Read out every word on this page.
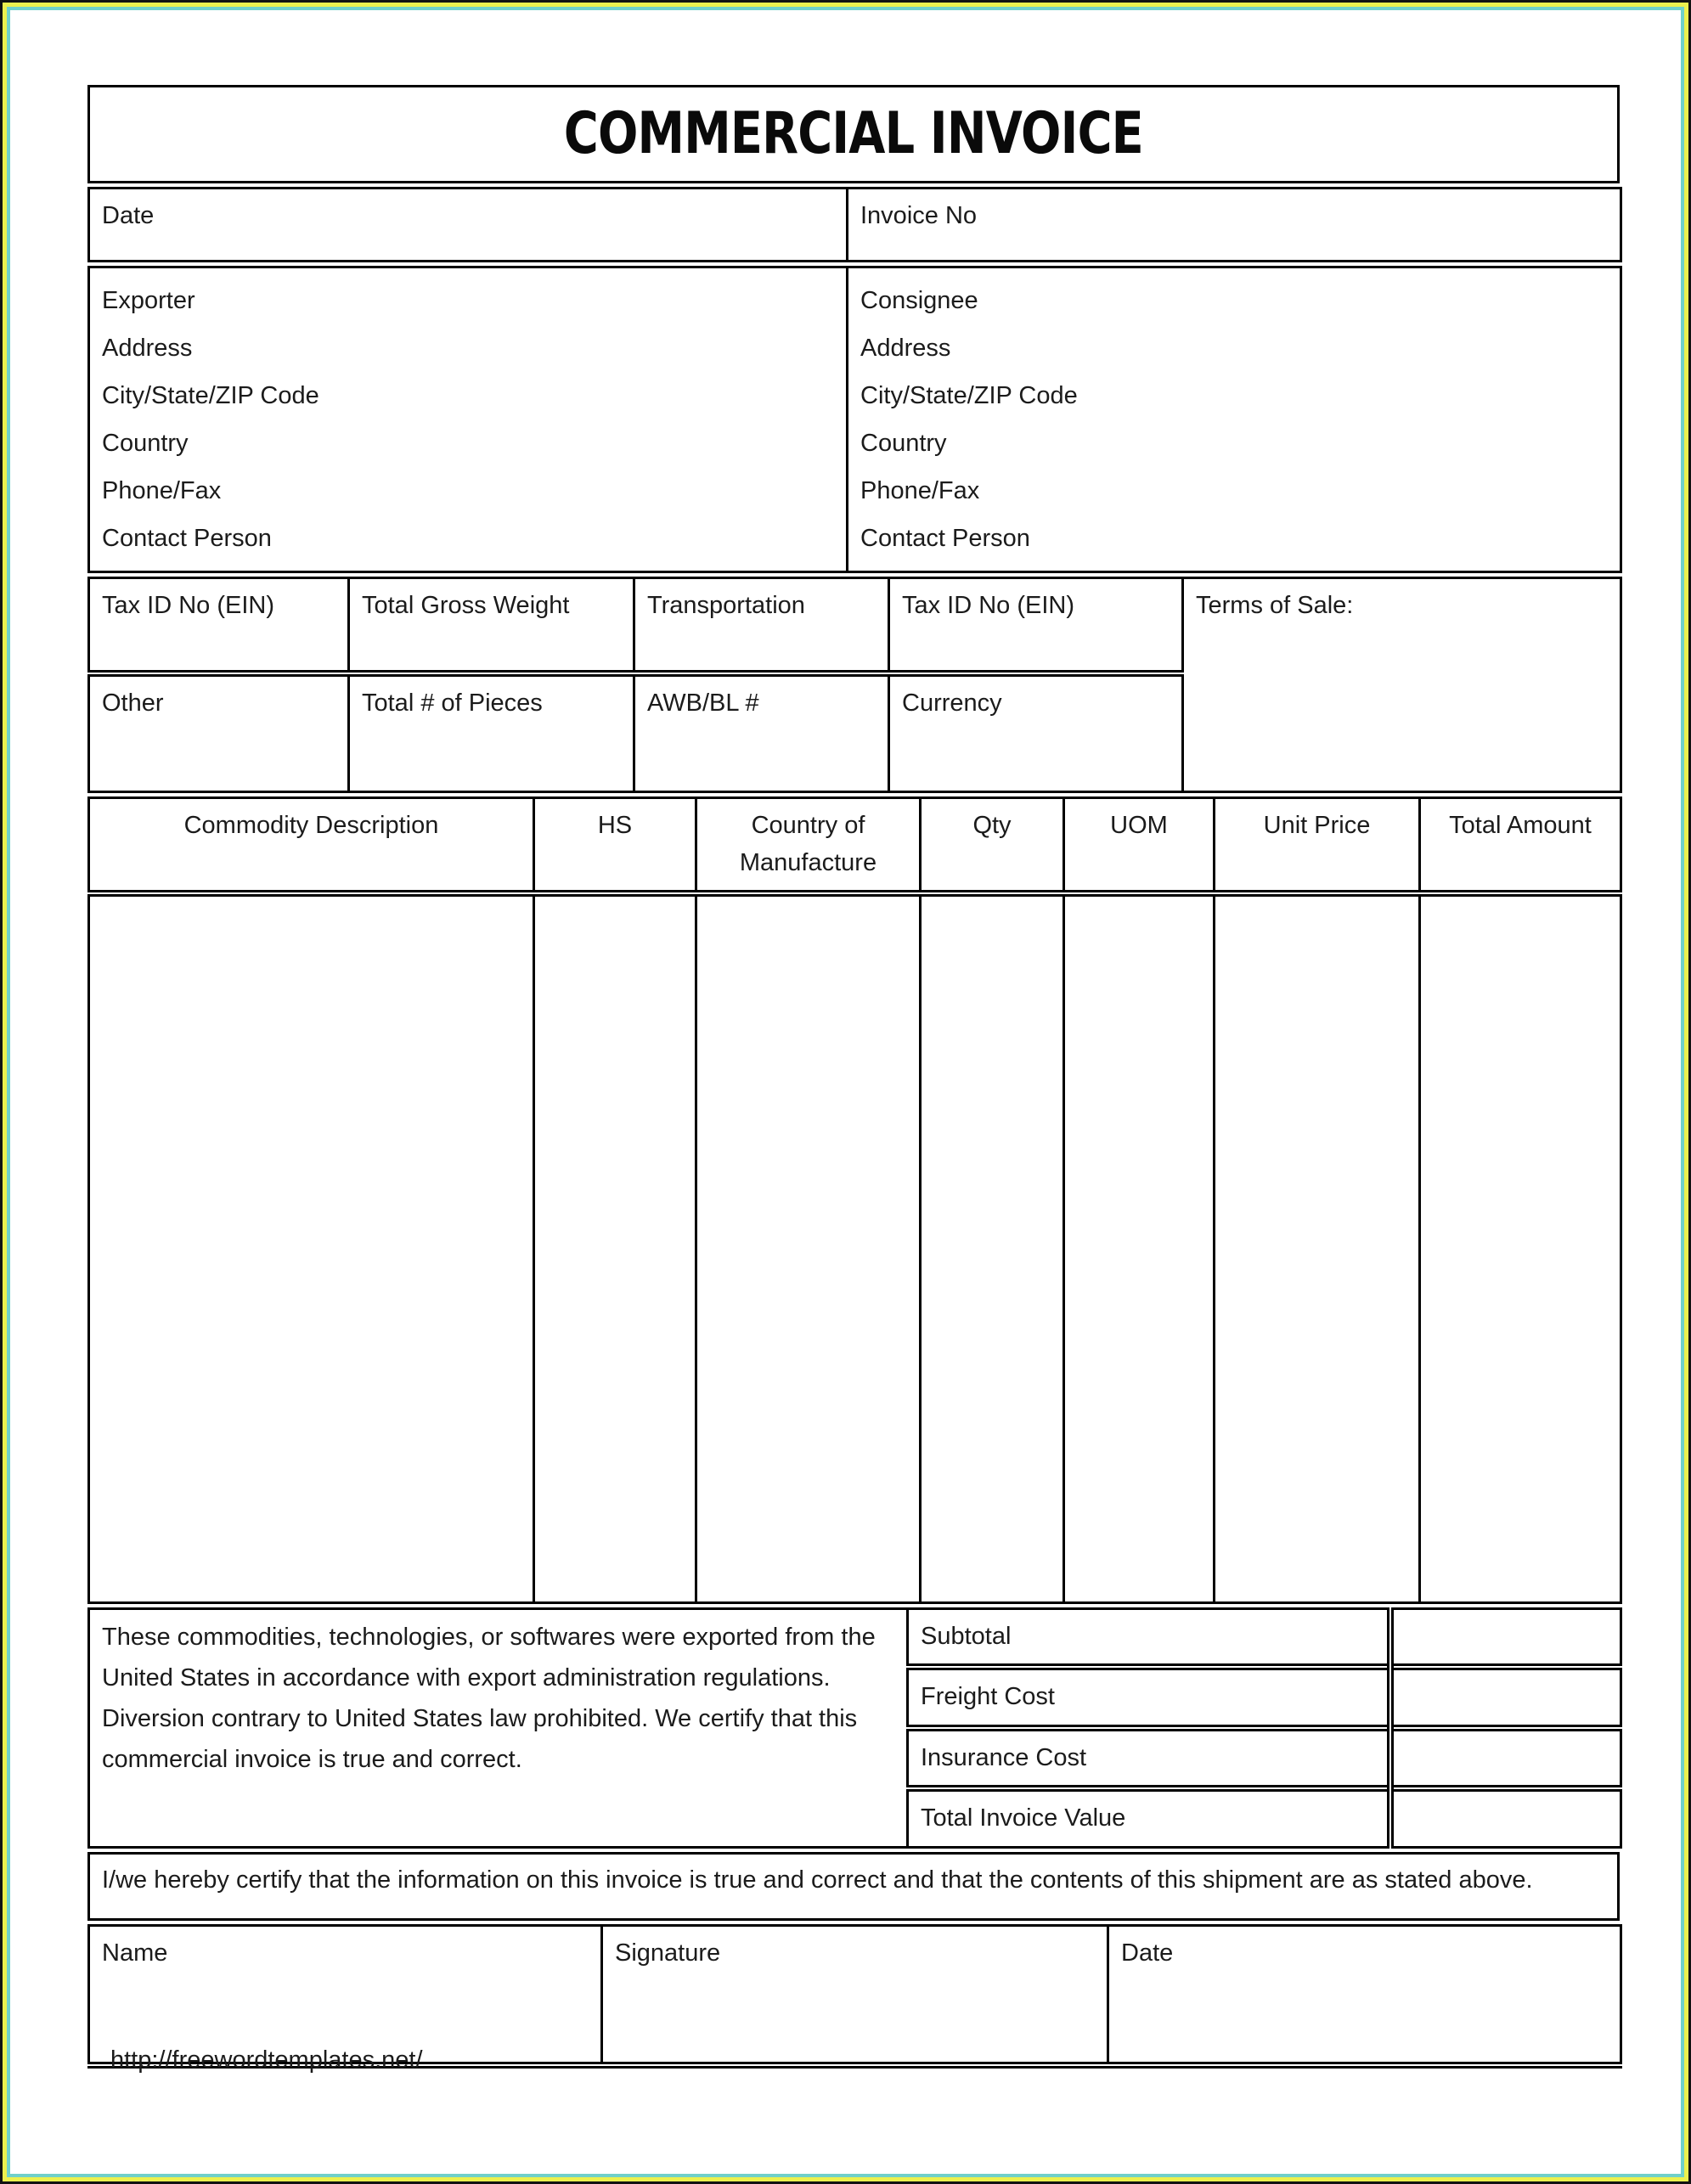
COMMERCIAL INVOICE
Date	Invoice No
Exporter
Address
City/State/ZIP Code
Country
Phone/Fax
Contact Person

Consignee
Address
City/State/ZIP Code
Country
Phone/Fax
Contact Person
Tax ID No (EIN)	Total Gross Weight	Transportation	Tax ID No (EIN)	Terms of Sale:
Other	Total # of Pieces	AWB/BL #	Currency	
Commodity Description	HS	Country of Manufacture	Qty	UOM	Unit Price	Total Amount

These commodities, technologies, or softwares were exported from the United States in accordance with export administration regulations. Diversion contrary to United States law prohibited. We certify that this commercial invoice is true and correct.	Subtotal	
	Freight Cost	
	Insurance Cost	
	Total Invoice Value	
I/we hereby certify that the information on this invoice is true and correct and that the contents of this shipment are as stated above.
Name	Signature	Date
http://freewordtemplates.net/
